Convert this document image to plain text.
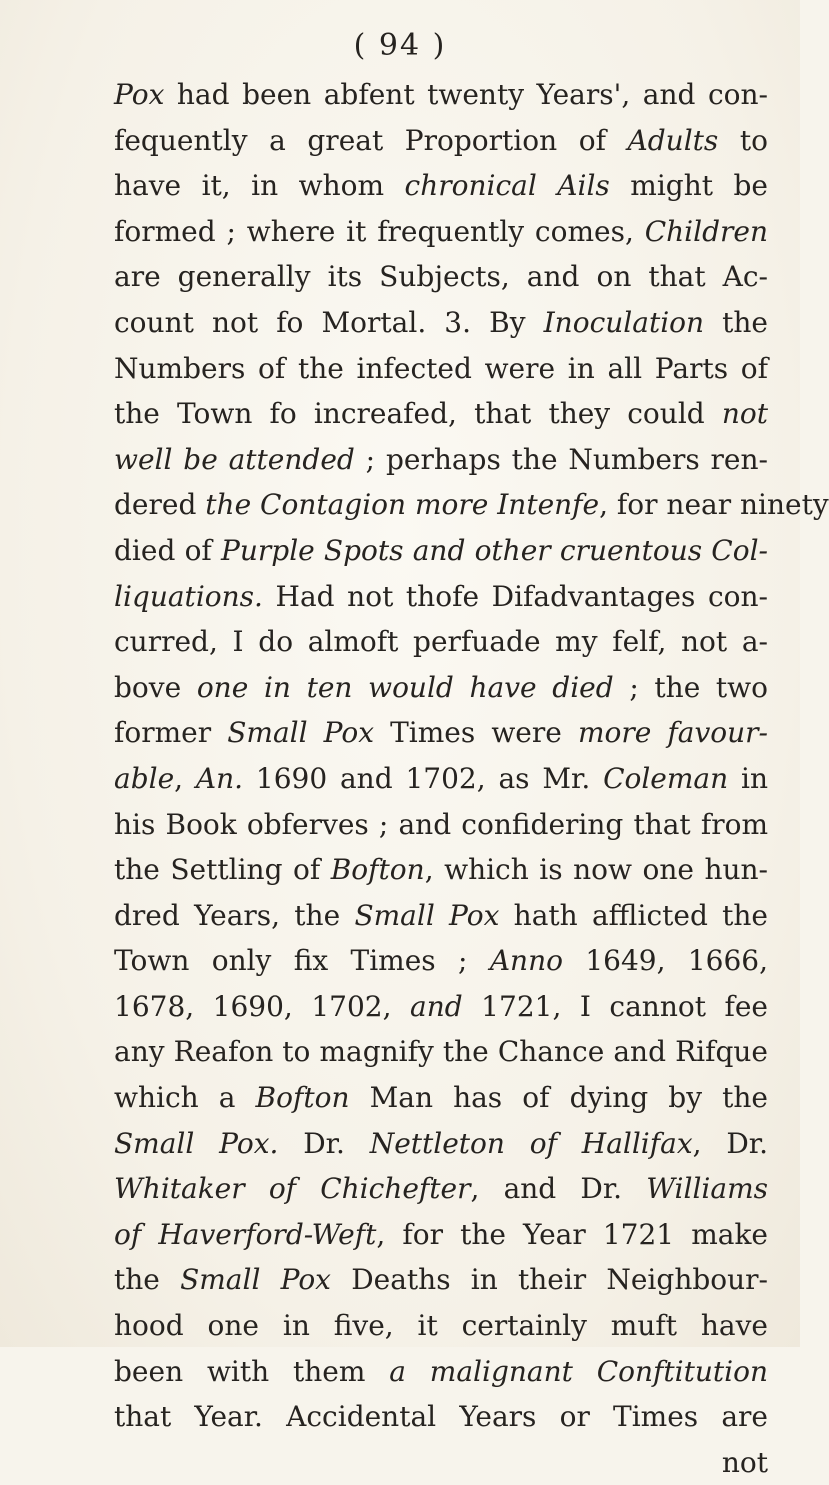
( 94 )
Pox had been abfent twenty Years', and con-
fequently a great Proportion of Adults to
have it, in whom chronical Ails might be
formed ; where it frequently comes, Children
are generally its Subjects, and on that Ac-
count not fo Mortal. 3. By Inoculation the
Numbers of the infected were in all Parts of
the Town fo increafed, that they could not
well be attended ; perhaps the Numbers ren-
dered the Contagion more Intenfe, for near ninety
died of Purple Spots and other cruentous Col-
liquations. Had not thofe Difadvantages con-
curred, I do almoft perfuade my felf, not a-
bove one in ten would have died ; the two
former Small Pox Times were more favour-
able, An. 1690 and 1702, as Mr. Coleman in
his Book obferves ; and confidering that from
the Settling of Bofton, which is now one hun-
dred Years, the Small Pox hath afflicted the
Town only fix Times ; Anno 1649, 1666,
1678, 1690, 1702, and 1721, I cannot fee
any Reafon to magnify the Chance and Rifque
which a Bofton Man has of dying by the
Small Pox. Dr. Nettleton of Hallifax, Dr.
Whitaker of Chichefter, and Dr. Williams
of Haverford-Weft, for the Year 1721 make
the Small Pox Deaths in their Neighbour-
hood one in five, it certainly muft have
been with them a malignant Conftitution
that Year. Accidental Years or Times are
not
